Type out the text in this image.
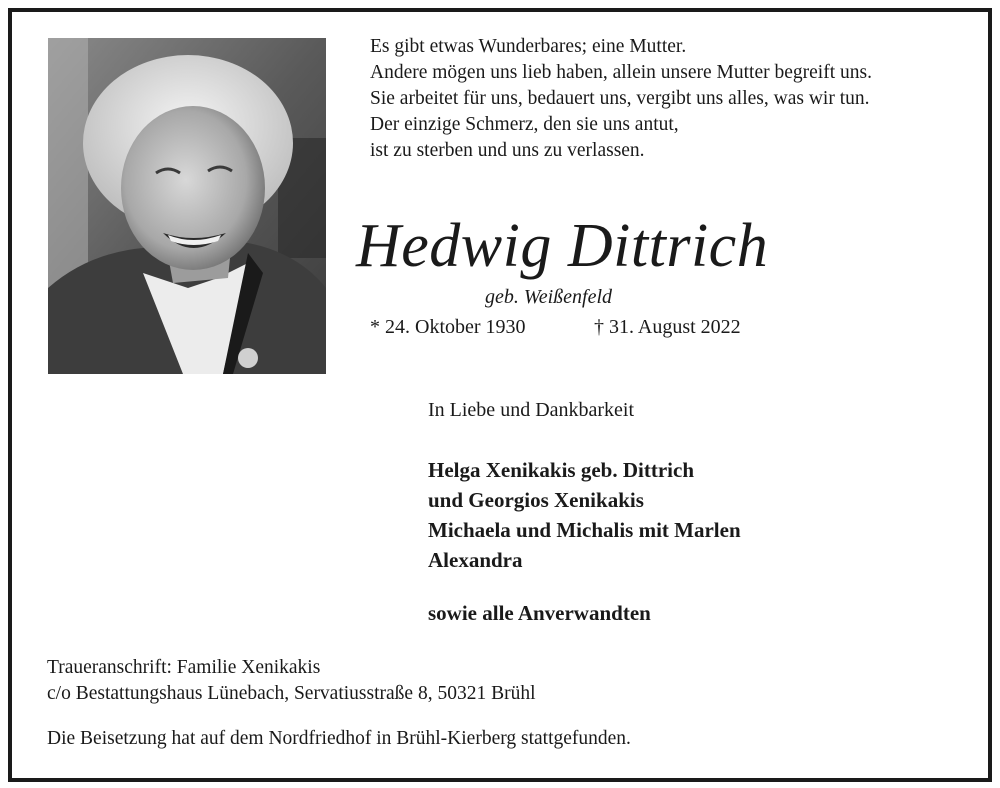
Es gibt etwas Wunderbares; eine Mutter.
Andere mögen uns lieb haben, allein unsere Mutter begreift uns.
Sie arbeitet für uns, bedauert uns, vergibt uns alles, was wir tun.
Der einzige Schmerz, den sie uns antut,
ist zu sterben und uns zu verlassen.
Hedwig Dittrich
geb. Weißenfeld
* 24. Oktober 1930	† 31. August 2022
In Liebe und Dankbarkeit
Helga Xenikakis geb. Dittrich
und Georgios Xenikakis
Michaela und Michalis mit Marlen
Alexandra
sowie alle Anverwandten
Traueranschrift: Familie Xenikakis
c/o Bestattungshaus Lünebach, Servatiusstraße 8, 50321 Brühl
Die Beisetzung hat auf dem Nordfriedhof in Brühl-Kierberg stattgefunden.
